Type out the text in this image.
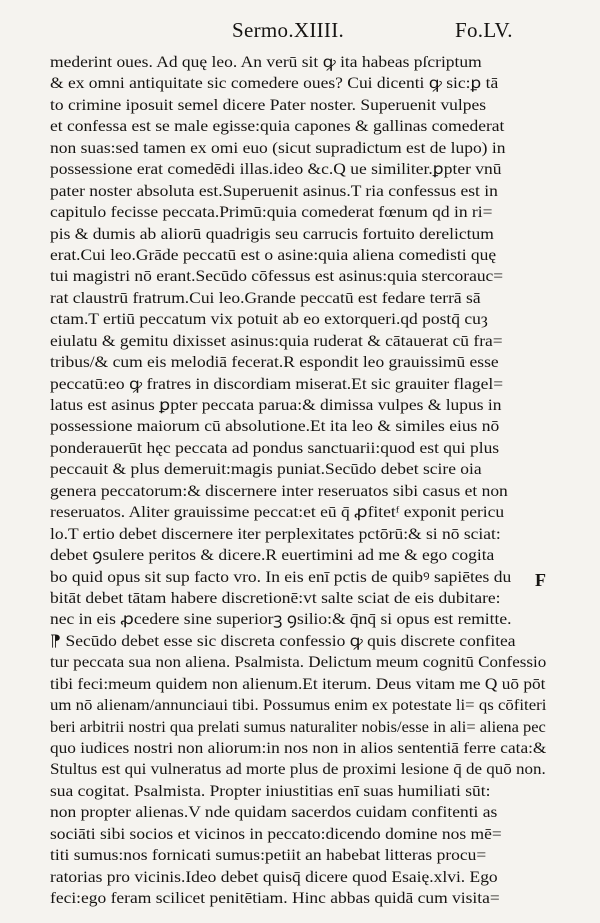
Sermo.XIIII.	Fo.LV.
mederint oues. Ad quę leo. An verū sit ꝙ ita habeas pſcriptum
& ex omni antiquitate sic comedere oues? Cui dicenti ꝙ sic:ꝑ tā
to crimine iposuit semel dicere Pater noster. Superuenit vulpes
et confessa est se male egisse:quia capones & gallinas comederat
non suas:sed tamen ex omi euo (sicut supradictum est de lupo) in
possessione erat comedēdi illas.ideo &c.Q ue similiter.ꝑpter vnū
pater noster absoluta est.Superuenit asinus.T ria confessus est in
capitulo fecisse peccata.Primū:quia comederat fœnum qd in ri=
pis & dumis ab aliorū quadrigis seu carrucis fortuito derelictum
erat.Cui leo.Grāde peccatū est o asine:quia aliena comedisti quę
tui magistri nō erant.Secūdo cōfessus est asinus:quia stercorauc=
rat claustrū fratrum.Cui leo.Grande peccatū est fedare terrā sā
ctam.T ertiū peccatum vix potuit ab eo extorqueri.qd postq̄ cuȝ
eiulatu & gemitu dixisset asinus:quia ruderat & cātauerat cū fra=
tribus/& cum eis melodiā fecerat.R espondit leo grauissimū esse
peccatū:eo ꝙ fratres in discordiam miserat.Et sic grauiter flagel=
latus est asinus ꝑpter peccata parua:& dimissa vulpes & lupus in
possessione maiorum cū absolutione.Et ita leo & similes eius nō
ponderauerūt hęc peccata ad pondus sanctuarii:quod est qui plus
peccauit & plus demeruit:magis puniat.Secūdo debet scire oia
genera peccatorum:& discernere inter reseruatos sibi casus et non
reseruatos. Aliter grauissime peccat:et eū q̄ ꝓfitetᶠ exponit pericu
lo.T ertio debet discernere iter perplexitates pctōrū:& si nō sciat:
debet ꝯsulere peritos & dicere.R euertimini ad me & ego cogita
bo quid opus sit sup facto vro. In eis enī pctis de quibꝰ sapiētes du
bitāt debet tātam habere discretionē:vt salte sciat de eis dubitare:
nec in eis ꝓcedere sine superiorꝫ ꝯsilio:& q̄nq̄ si opus est remitte.
⁋ Secūdo debet esse sic discreta confessio ꝙ quis discrete confitea
tur peccata sua non aliena. Psalmista. Delictum meum cognitū Confessio
tibi feci:meum quidem non alienum.Et iterum. Deus vitam me Q uō pōt
um nō alienam/annunciaui tibi. Possumus enim ex potestate li= qs cōfiteri
beri arbitrii nostri qua prelati sumus naturaliter nobis/esse in ali= aliena pec
quo iudices nostri non aliorum:in nos non in alios sententiā ferre cata:&
Stultus est qui vulneratus ad morte plus de proximi lesione q̄ de quō non.
sua cogitat. Psalmista. Propter iniustitias enī suas humiliati sūt:
non propter alienas.V nde quidam sacerdos cuidam confitenti as
sociāti sibi socios et vicinos in peccato:dicendo domine nos mē=
titi sumus:nos fornicati sumus:petiit an habebat litteras procu=
ratorias pro vicinis.Ideo debet quisq̄ dicere quod Esaię.xlvi. Ego
feci:ego feram scilicet penitētiam. Hinc abbas quidā cum visita=
F
